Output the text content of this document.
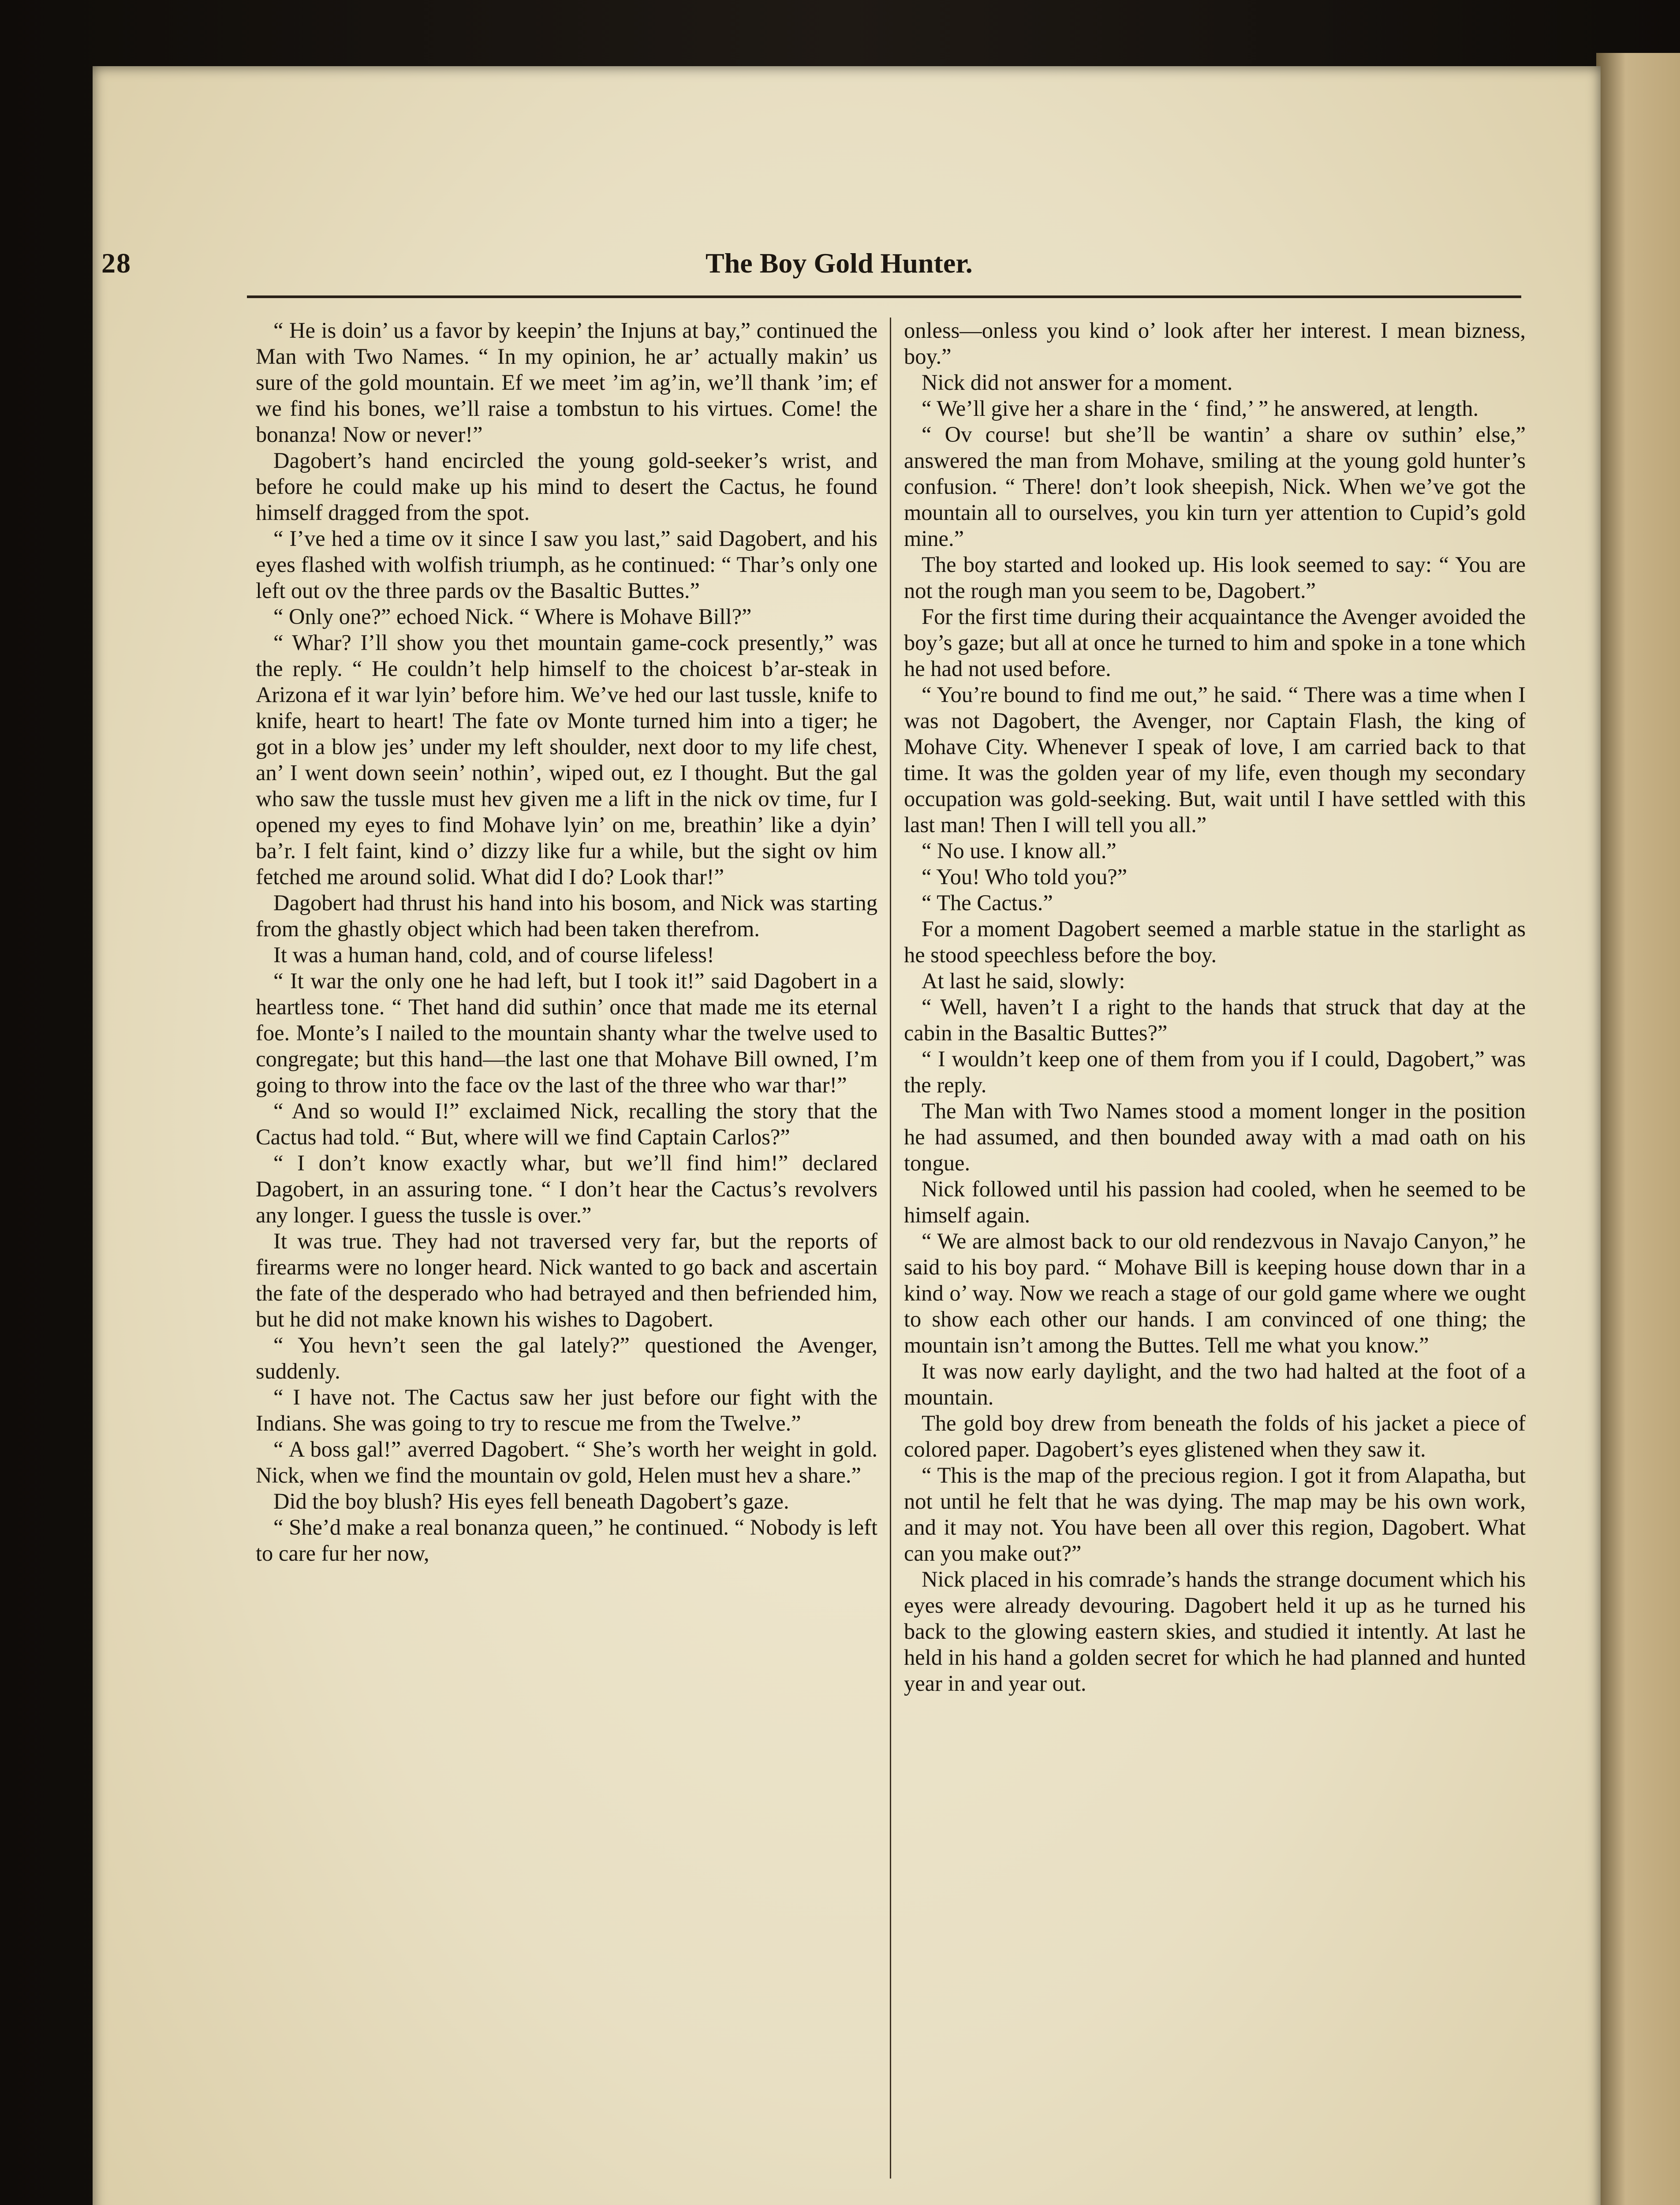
28	The Boy Gold Hunter.

“ He is doin’ us a favor by keepin’ the Injuns at bay,” continued the Man with Two Names. “ In my opinion, he ar’ actually makin’ us sure of the gold mountain. Ef we meet ’im ag’in, we’ll thank ’im; ef we find his bones, we’ll raise a tombstun to his virtues. Come! the bonanza! Now or never!”

Dagobert’s hand encircled the young gold-seeker’s wrist, and before he could make up his mind to desert the Cactus, he found himself dragged from the spot.

“ I’ve hed a time ov it since I saw you last,” said Dagobert, and his eyes flashed with wolfish triumph, as he continued: “ Thar’s only one left out ov the three pards ov the Basaltic Buttes.”

“ Only one?” echoed Nick. “ Where is Mohave Bill?”

“ Whar? I’ll show you thet mountain game-cock presently,” was the reply. “ He couldn’t help himself to the choicest b’ar-steak in Arizona ef it war lyin’ before him. We’ve hed our last tussle, knife to knife, heart to heart! The fate ov Monte turned him into a tiger; he got in a blow jes’ under my left shoulder, next door to my life chest, an’ I went down seein’ nothin’, wiped out, ez I thought. But the gal who saw the tussle must hev given me a lift in the nick ov time, fur I opened my eyes to find Mohave lyin’ on me, breathin’ like a dyin’ ba’r. I felt faint, kind o’ dizzy like fur a while, but the sight ov him fetched me around solid. What did I do? Look thar!”

Dagobert had thrust his hand into his bosom, and Nick was starting from the ghastly object which had been taken therefrom.

It was a human hand, cold, and of course lifeless!

“ It war the only one he had left, but I took it!” said Dagobert in a heartless tone. “ Thet hand did suthin’ once that made me its eternal foe. Monte’s I nailed to the mountain shanty whar the twelve used to congregate; but this hand—the last one that Mohave Bill owned, I’m going to throw into the face ov the last of the three who war thar!”

“ And so would I!” exclaimed Nick, recalling the story that the Cactus had told. “ But, where will we find Captain Carlos?”

“ I don’t know exactly whar, but we’ll find him!” declared Dagobert, in an assuring tone. “ I don’t hear the Cactus’s revolvers any longer. I guess the tussle is over.”

It was true. They had not traversed very far, but the reports of firearms were no longer heard. Nick wanted to go back and ascertain the fate of the desperado who had betrayed and then befriended him, but he did not make known his wishes to Dagobert.

“ You hevn’t seen the gal lately?” questioned the Avenger, suddenly.

“ I have not. The Cactus saw her just before our fight with the Indians. She was going to try to rescue me from the Twelve.”

“ A boss gal!” averred Dagobert. “ She’s worth her weight in gold. Nick, when we find the mountain ov gold, Helen must hev a share.”

Did the boy blush? His eyes fell beneath Dagobert’s gaze.

“ She’d make a real bonanza queen,” he continued. “ Nobody is left to care fur her now,

onless—onless you kind o’ look after her interest. I mean bizness, boy.”

Nick did not answer for a moment.

“ We’ll give her a share in the ‘ find,’ ” he answered, at length.

“ Ov course! but she’ll be wantin’ a share ov suthin’ else,” answered the man from Mohave, smiling at the young gold hunter’s confusion. “ There! don’t look sheepish, Nick. When we’ve got the mountain all to ourselves, you kin turn yer attention to Cupid’s gold mine.”

The boy started and looked up. His look seemed to say: “ You are not the rough man you seem to be, Dagobert.”

For the first time during their acquaintance the Avenger avoided the boy’s gaze; but all at once he turned to him and spoke in a tone which he had not used before.

“ You’re bound to find me out,” he said. “ There was a time when I was not Dagobert, the Avenger, nor Captain Flash, the king of Mohave City. Whenever I speak of love, I am carried back to that time. It was the golden year of my life, even though my secondary occupation was gold-seeking. But, wait until I have settled with this last man! Then I will tell you all.”

“ No use. I know all.”

“ You! Who told you?”

“ The Cactus.”

For a moment Dagobert seemed a marble statue in the starlight as he stood speechless before the boy.

At last he said, slowly:

“ Well, haven’t I a right to the hands that struck that day at the cabin in the Basaltic Buttes?”

“ I wouldn’t keep one of them from you if I could, Dagobert,” was the reply.

The Man with Two Names stood a moment longer in the position he had assumed, and then bounded away with a mad oath on his tongue.

Nick followed until his passion had cooled, when he seemed to be himself again.

“ We are almost back to our old rendezvous in Navajo Canyon,” he said to his boy pard. “ Mohave Bill is keeping house down thar in a kind o’ way. Now we reach a stage of our gold game where we ought to show each other our hands. I am convinced of one thing; the mountain isn’t among the Buttes. Tell me what you know.”

It was now early daylight, and the two had halted at the foot of a mountain.

The gold boy drew from beneath the folds of his jacket a piece of colored paper. Dagobert’s eyes glistened when they saw it.

“ This is the map of the precious region. I got it from Alapatha, but not until he felt that he was dying. The map may be his own work, and it may not. You have been all over this region, Dagobert. What can you make out?”

Nick placed in his comrade’s hands the strange document which his eyes were already devouring. Dagobert held it up as he turned his back to the glowing eastern skies, and studied it intently. At last he held in his hand a golden secret for which he had planned and hunted year in and year out.
